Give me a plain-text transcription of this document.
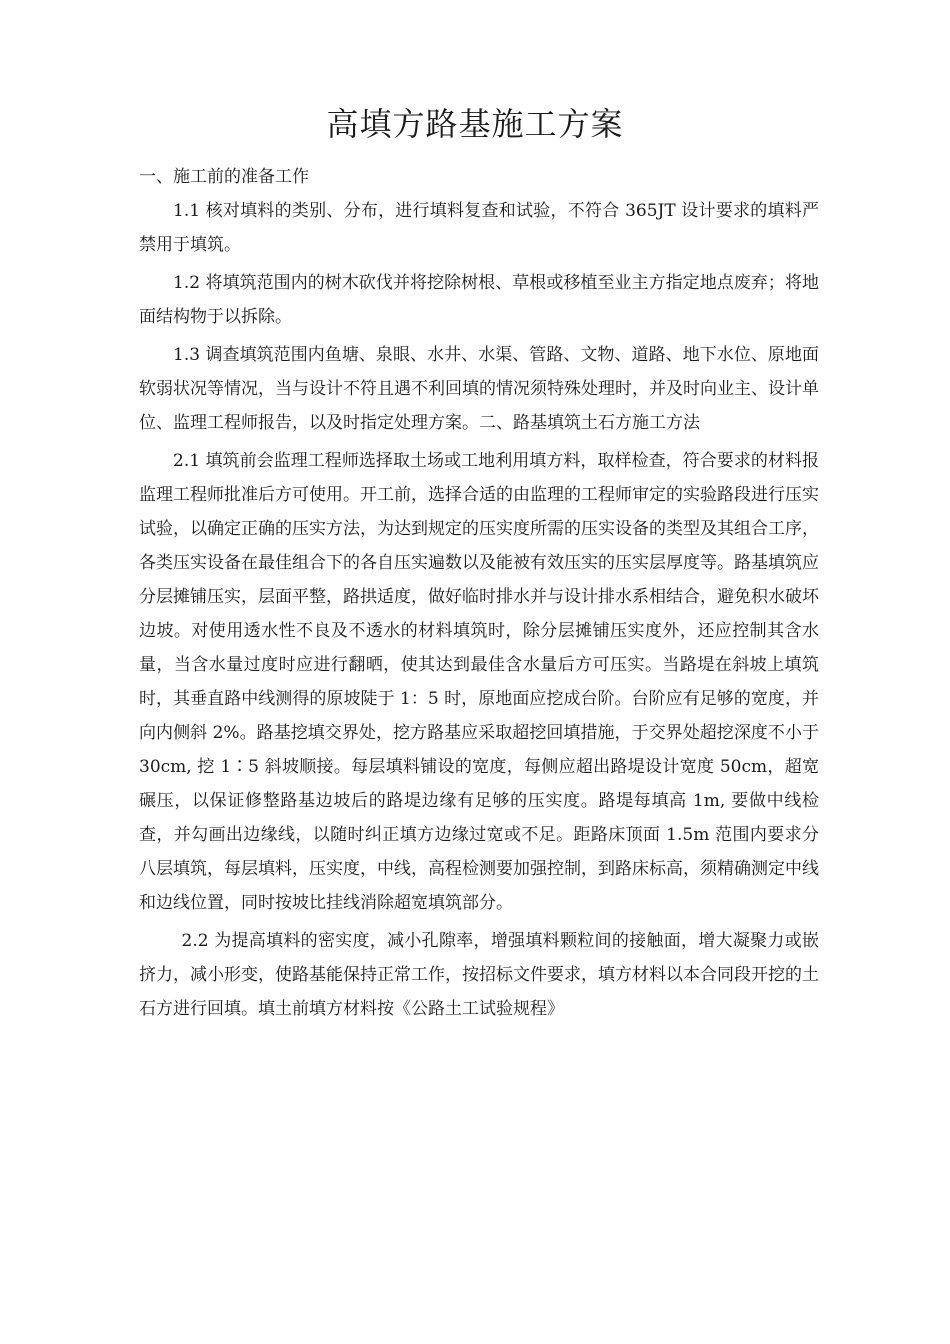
高填方路基施工方案

一、施工前的准备工作

1.1 核对填料的类别、分布，进行填料复查和试验，不符合 365JT 设计要求的填料严禁用于填筑。

1.2 将填筑范围内的树木砍伐并将挖除树根、草根或移植至业主方指定地点废弃；将地面结构物于以拆除。

1.3 调查填筑范围内鱼塘、泉眼、水井、水渠、管路、文物、道路、地下水位、原地面软弱状况等情况，当与设计不符且遇不利回填的情况须特殊处理时，并及时向业主、设计单位、监理工程师报告，以及时指定处理方案。二、路基填筑土石方施工方法

2.1 填筑前会监理工程师选择取土场或工地利用填方料，取样检查，符合要求的材料报监理工程师批准后方可使用。开工前，选择合适的由监理的工程师审定的实验路段进行压实试验，以确定正确的压实方法，为达到规定的压实度所需的压实设备的类型及其组合工序，各类压实设备在最佳组合下的各自压实遍数以及能被有效压实的压实层厚度等。路基填筑应分层摊铺压实，层面平整，路拱适度，做好临时排水并与设计排水系相结合，避免积水破坏边坡。对使用透水性不良及不透水的材料填筑时，除分层摊铺压实度外，还应控制其含水量，当含水量过度时应进行翻晒，使其达到最佳含水量后方可压实。当路堤在斜坡上填筑时，其垂直路中线测得的原坡陡于 1：5 时，原地面应挖成台阶。台阶应有足够的宽度，并向内侧斜 2%。路基挖填交界处，挖方路基应采取超挖回填措施，于交界处超挖深度不小于 30cm, 挖 1∶5 斜坡顺接。每层填料铺设的宽度，每侧应超出路堤设计宽度 50cm，超宽碾压，以保证修整路基边坡后的路堤边缘有足够的压实度。路堤每填高 1m, 要做中线检查，并勾画出边缘线，以随时纠正填方边缘过宽或不足。距路床顶面 1.5m 范围内要求分八层填筑，每层填料，压实度，中线，高程检测要加强控制，到路床标高，须精确测定中线和边线位置，同时按坡比挂线消除超宽填筑部分。

2.2 为提高填料的密实度，减小孔隙率，增强填料颗粒间的接触面，增大凝聚力或嵌挤力，减小形变，使路基能保持正常工作，按招标文件要求，填方材料以本合同段开挖的土石方进行回填。填土前填方材料按《公路土工试验规程》
